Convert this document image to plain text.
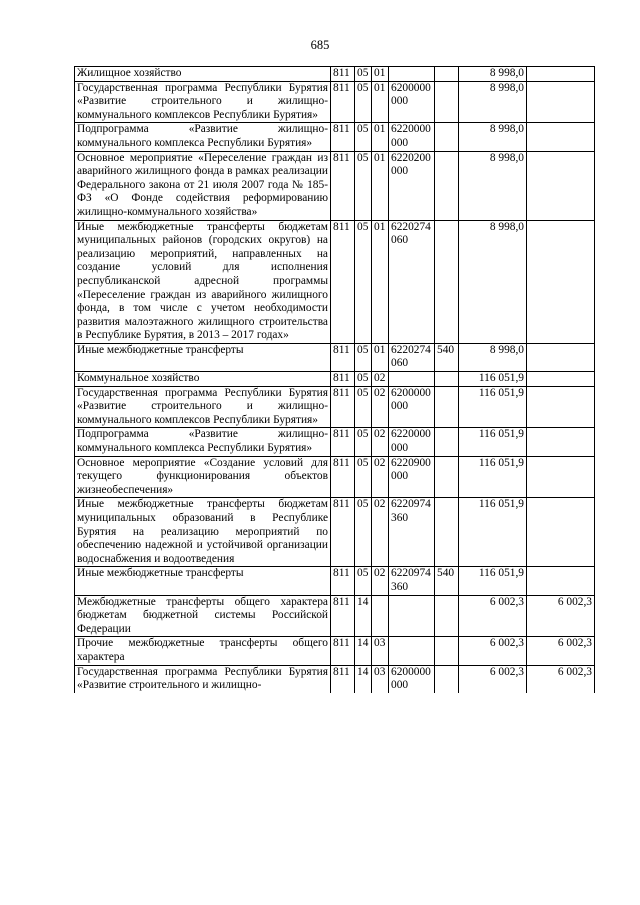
685
Жилищное хозяйство	811	05	01			8 998,0	
Государственная программа Республики Бурятия «Развитие строительного и жилищно-коммунального комплексов Республики Бурятия»	811	05	01	6200000000		8 998,0	
Подпрограмма «Развитие жилищно-коммунального комплекса Республики Бурятия»	811	05	01	6220000000		8 998,0	
Основное мероприятие «Переселение граждан из аварийного жилищного фонда в рамках реализации Федерального закона от 21 июля 2007 года № 185-ФЗ «О Фонде содействия реформированию жилищно-коммунального хозяйства»	811	05	01	6220200000		8 998,0	
Иные межбюджетные трансферты бюджетам муниципальных районов (городских округов) на реализацию мероприятий, направленных на создание условий для исполнения республиканской адресной программы «Переселение граждан из аварийного жилищного фонда, в том числе с учетом необходимости развития малоэтажного жилищного строительства в Республике Бурятия, в 2013 – 2017 годах»	811	05	01	6220274060		8 998,0	
Иные межбюджетные трансферты	811	05	01	6220274060	540	8 998,0	
Коммунальное хозяйство	811	05	02			116 051,9	
Государственная программа Республики Бурятия «Развитие строительного и жилищно-коммунального комплексов Республики Бурятия»	811	05	02	6200000000		116 051,9	
Подпрограмма «Развитие жилищно-коммунального комплекса Республики Бурятия»	811	05	02	6220000000		116 051,9	
Основное мероприятие «Создание условий для текущего функционирования объектов жизнеобеспечения»	811	05	02	6220900000		116 051,9	
Иные межбюджетные трансферты бюджетам муниципальных образований в Республике Бурятия на реализацию мероприятий по обеспечению надежной и устойчивой организации водоснабжения и водоотведения	811	05	02	6220974360		116 051,9	
Иные межбюджетные трансферты	811	05	02	6220974360	540	116 051,9	
Межбюджетные трансферты общего характера бюджетам бюджетной системы Российской Федерации	811	14				6 002,3	6 002,3
Прочие межбюджетные трансферты общего характера	811	14	03			6 002,3	6 002,3
Государственная программа Республики Бурятия «Развитие строительного и жилищно-	811	14	03	6200000000		6 002,3	6 002,3
